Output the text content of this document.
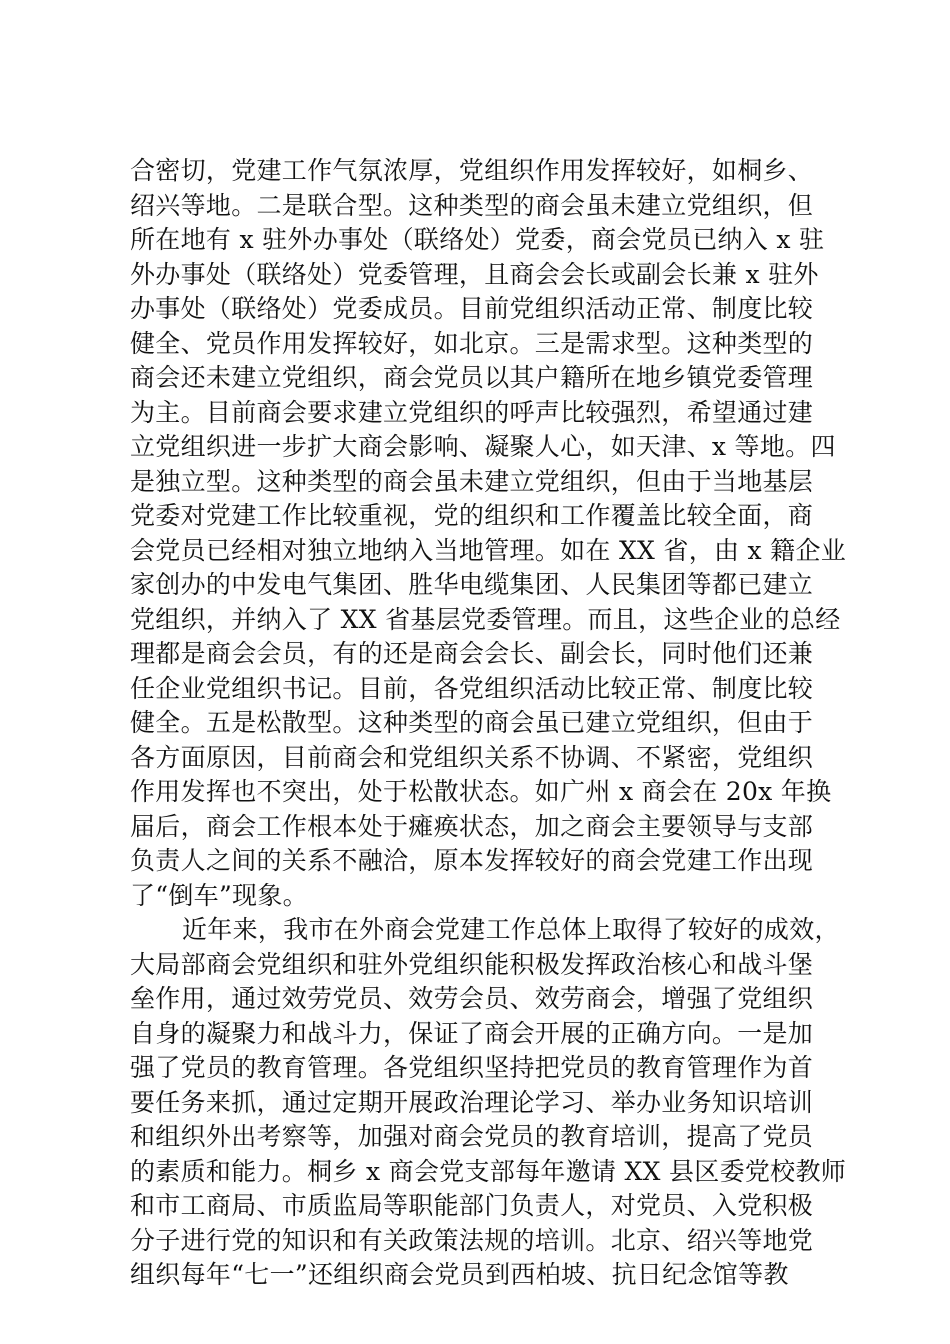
合密切，党建工作气氛浓厚，党组织作用发挥较好，如桐乡、
绍兴等地。二是联合型。这种类型的商会虽未建立党组织，但
所在地有 x 驻外办事处（联络处）党委，商会党员已纳入 x 驻
外办事处（联络处）党委管理，且商会会长或副会长兼 x 驻外
办事处（联络处）党委成员。目前党组织活动正常、制度比较
健全、党员作用发挥较好，如北京。三是需求型。这种类型的
商会还未建立党组织，商会党员以其户籍所在地乡镇党委管理
为主。目前商会要求建立党组织的呼声比较强烈，希望通过建
立党组织进一步扩大商会影响、凝聚人心，如天津、x 等地。四
是独立型。这种类型的商会虽未建立党组织，但由于当地基层
党委对党建工作比较重视，党的组织和工作覆盖比较全面，商
会党员已经相对独立地纳入当地管理。如在 XX 省，由 x 籍企业
家创办的中发电气集团、胜华电缆集团、人民集团等都已建立
党组织，并纳入了 XX 省基层党委管理。而且，这些企业的总经
理都是商会会员，有的还是商会会长、副会长，同时他们还兼
任企业党组织书记。目前，各党组织活动比较正常、制度比较
健全。五是松散型。这种类型的商会虽已建立党组织，但由于
各方面原因，目前商会和党组织关系不协调、不紧密，党组织
作用发挥也不突出，处于松散状态。如广州 x 商会在 20x 年换
届后，商会工作根本处于瘫痪状态，加之商会主要领导与支部
负责人之间的关系不融洽，原本发挥较好的商会党建工作出现
了“倒车”现象。
近年来，我市在外商会党建工作总体上取得了较好的成效，
大局部商会党组织和驻外党组织能积极发挥政治核心和战斗堡
垒作用，通过效劳党员、效劳会员、效劳商会，增强了党组织
自身的凝聚力和战斗力，保证了商会开展的正确方向。一是加
强了党员的教育管理。各党组织坚持把党员的教育管理作为首
要任务来抓，通过定期开展政治理论学习、举办业务知识培训
和组织外出考察等，加强对商会党员的教育培训，提高了党员
的素质和能力。桐乡 x 商会党支部每年邀请 XX 县区委党校教师
和市工商局、市质监局等职能部门负责人，对党员、入党积极
分子进行党的知识和有关政策法规的培训。北京、绍兴等地党
组织每年“七一”还组织商会党员到西柏坡、抗日纪念馆等教
